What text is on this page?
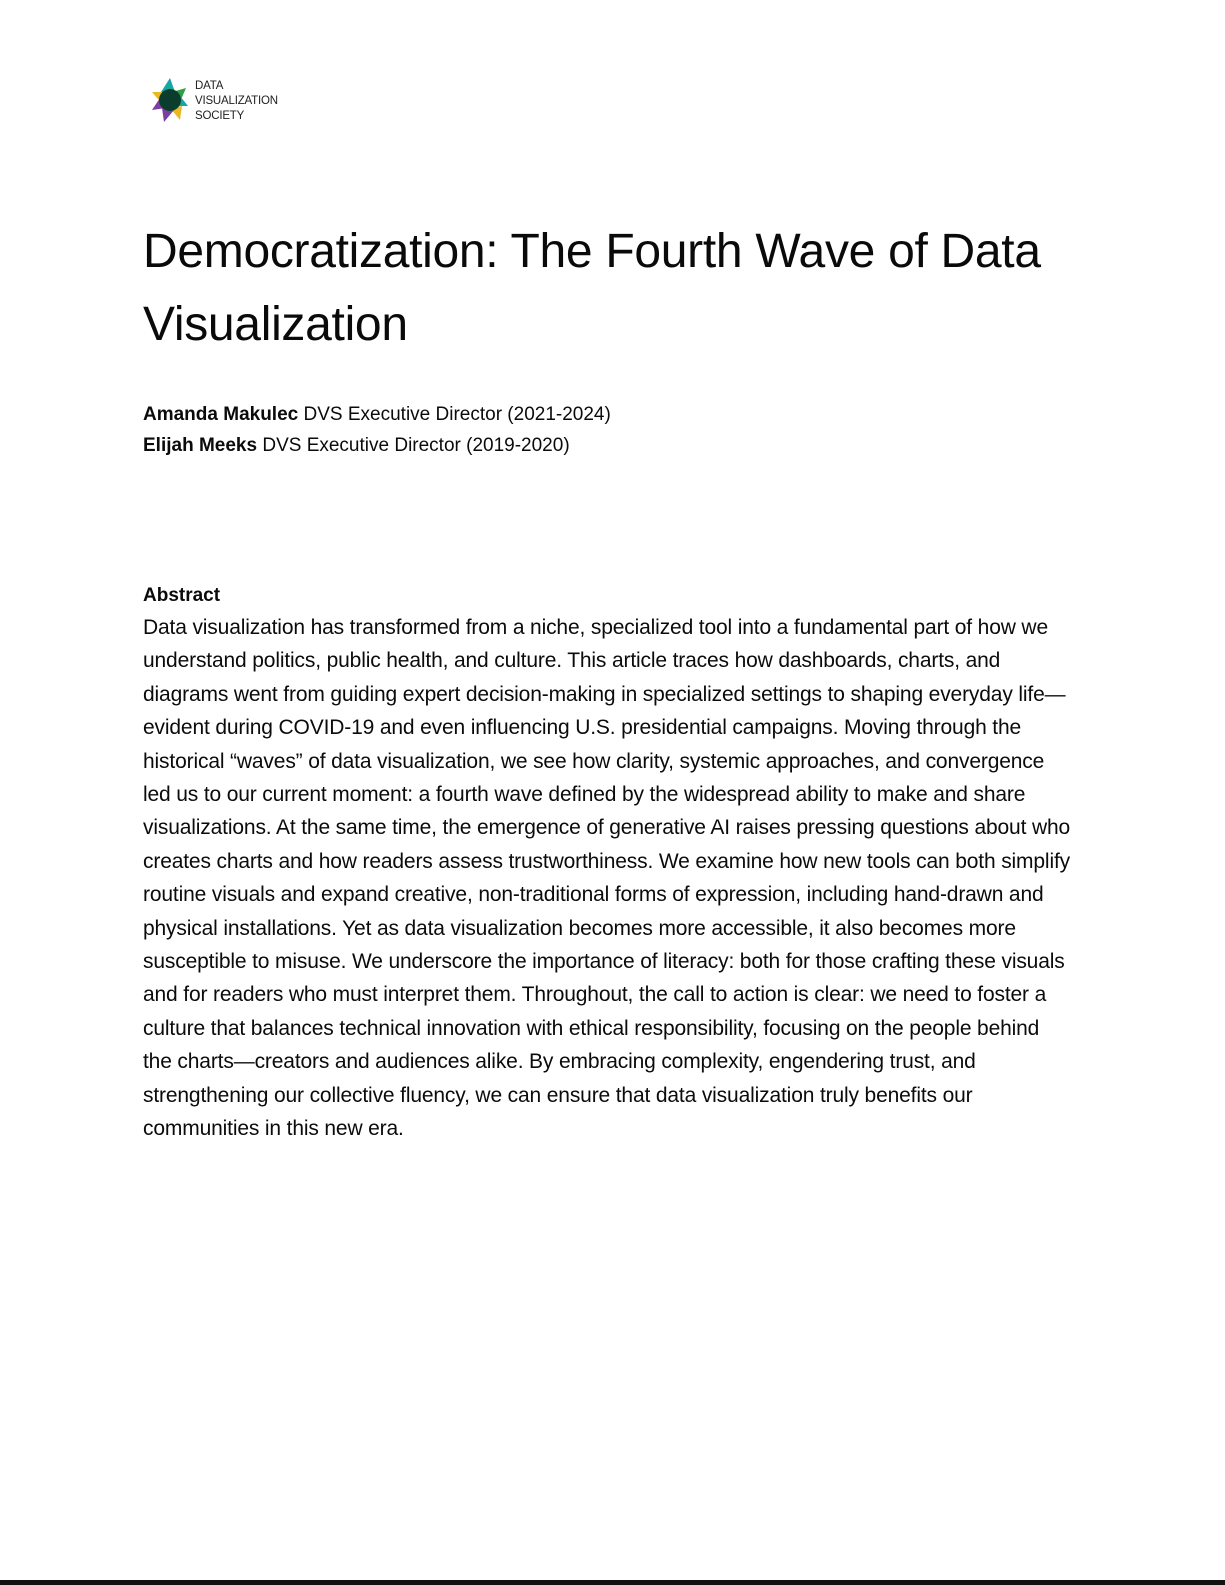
DATA
VISUALIZATION
SOCIETY
Democratization: The Fourth Wave of Data Visualization
Amanda Makulec DVS Executive Director (2021-2024)
Elijah Meeks DVS Executive Director (2019-2020)
Abstract

Data visualization has transformed from a niche, specialized tool into a fundamental part of how we understand politics, public health, and culture. This article traces how dashboards, charts, and diagrams went from guiding expert decision-making in specialized settings to shaping everyday life—evident during COVID-19 and even influencing U.S. presidential campaigns. Moving through the historical “waves” of data visualization, we see how clarity, systemic approaches, and convergence led us to our current moment: a fourth wave defined by the widespread ability to make and share visualizations. At the same time, the emergence of generative AI raises pressing questions about who creates charts and how readers assess trustworthiness. We examine how new tools can both simplify routine visuals and expand creative, non-traditional forms of expression, including hand-drawn and physical installations. Yet as data visualization becomes more accessible, it also becomes more susceptible to misuse. We underscore the importance of literacy: both for those crafting these visuals and for readers who must interpret them. Throughout, the call to action is clear: we need to foster a culture that balances technical innovation with ethical responsibility, focusing on the people behind the charts—creators and audiences alike. By embracing complexity, engendering trust, and strengthening our collective fluency, we can ensure that data visualization truly benefits our communities in this new era.
